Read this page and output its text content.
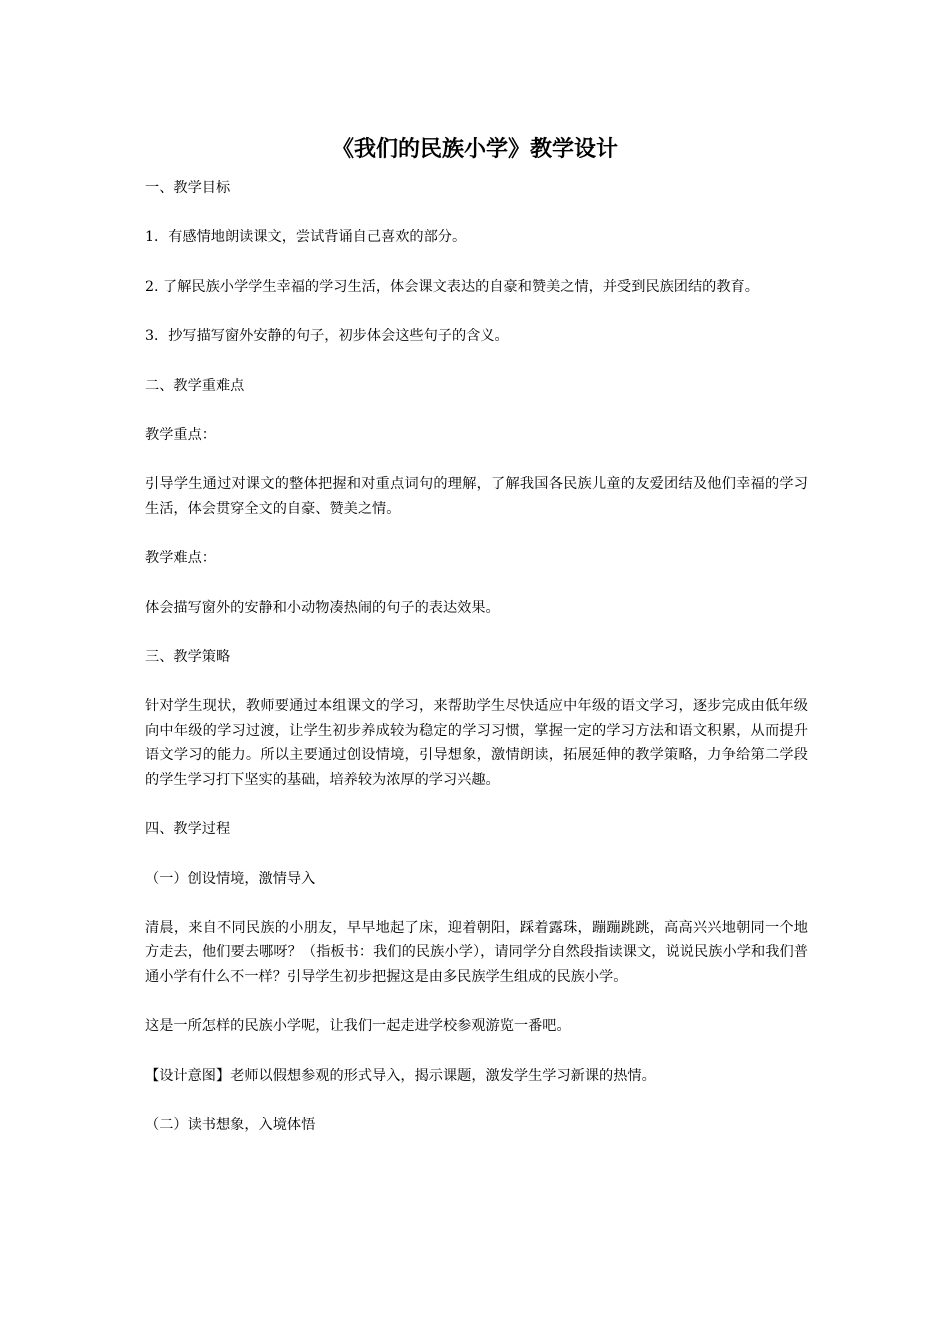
《我们的民族小学》教学设计

一、教学目标

1．有感情地朗读课文，尝试背诵自己喜欢的部分。

2. 了解民族小学学生幸福的学习生活，体会课文表达的自豪和赞美之情，并受到民族团结的教育。

3．抄写描写窗外安静的句子，初步体会这些句子的含义。

二、教学重难点

教学重点：

引导学生通过对课文的整体把握和对重点词句的理解，了解我国各民族儿童的友爱团结及他们幸福的学习生活，体会贯穿全文的自豪、赞美之情。

教学难点：

体会描写窗外的安静和小动物凑热闹的句子的表达效果。

三、教学策略

针对学生现状，教师要通过本组课文的学习，来帮助学生尽快适应中年级的语文学习，逐步完成由低年级向中年级的学习过渡，让学生初步养成较为稳定的学习习惯，掌握一定的学习方法和语文积累，从而提升语文学习的能力。所以主要通过创设情境，引导想象，激情朗读，拓展延伸的教学策略，力争给第二学段的学生学习打下坚实的基础，培养较为浓厚的学习兴趣。

四、教学过程

（一）创设情境，激情导入

清晨，来自不同民族的小朋友，早早地起了床，迎着朝阳，踩着露珠，蹦蹦跳跳，高高兴兴地朝同一个地方走去，他们要去哪呀？（指板书：我们的民族小学），请同学分自然段指读课文，说说民族小学和我们普通小学有什么不一样？引导学生初步把握这是由多民族学生组成的民族小学。

这是一所怎样的民族小学呢，让我们一起走进学校参观游览一番吧。

【设计意图】老师以假想参观的形式导入，揭示课题，激发学生学习新课的热情。

（二）读书想象，入境体悟
